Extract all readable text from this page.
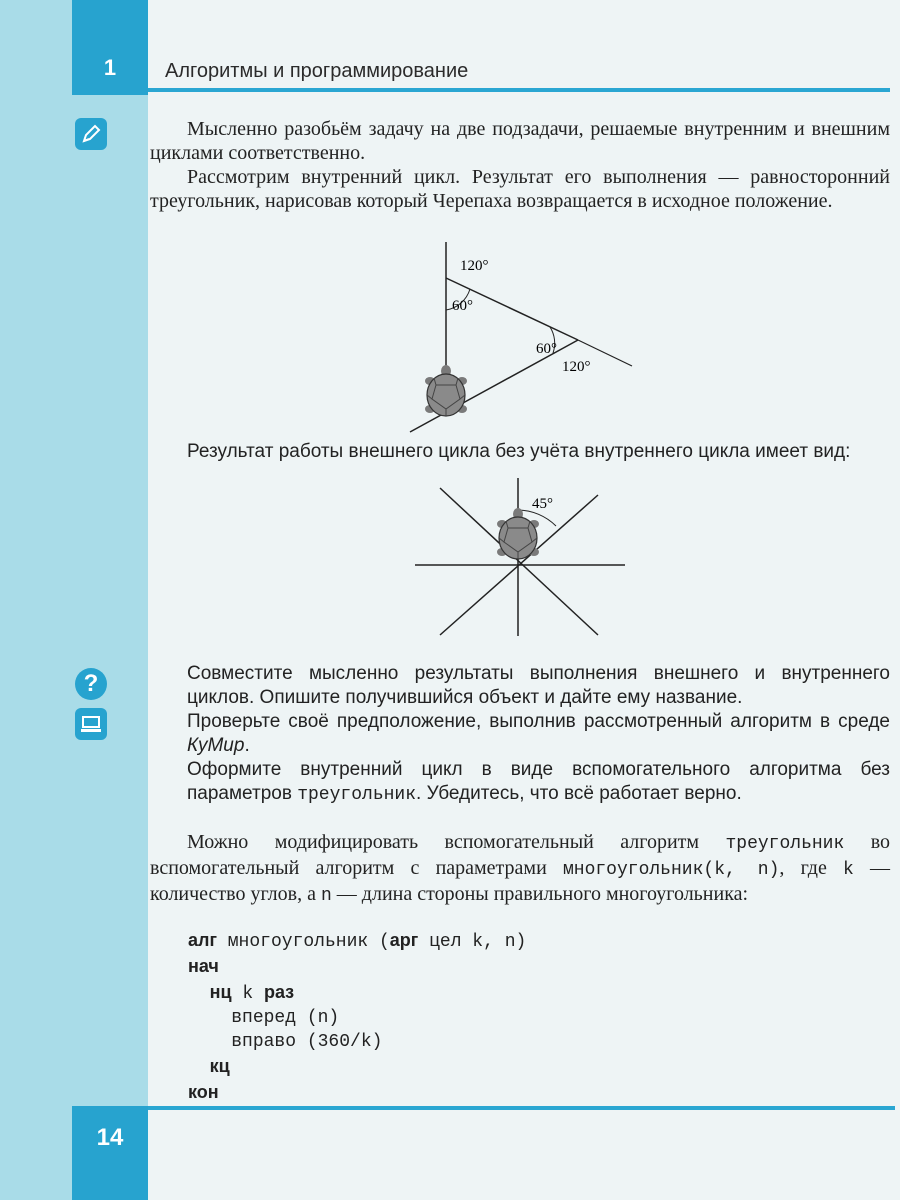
1	Алгоритмы и программирование
?

Мысленно разобьём задачу на две подзадачи, решаемые внутренним и внешним циклами соответственно.

Рассмотрим внутренний цикл. Результат его выполнения — равносторонний треугольник, нарисовав который Черепаха возвращается в исходное положение.

120°
60°
60°
120°

Результат работы внешнего цикла без учёта внутреннего цикла имеет вид:

45°

Совместите мысленно результаты выполнения внешнего и внутреннего циклов. Опишите получившийся объект и дайте ему название.

Проверьте своё предположение, выполнив рассмотренный алгоритм в среде КуМир.

Оформите внутренний цикл в виде вспомогательного алгоритма без параметров треугольник. Убедитесь, что всё работает верно.

Можно модифицировать вспомогательный алгоритм треугольник во вспомогательный алгоритм с параметрами многоугольник(k, n), где k — количество углов, а n — длина стороны правильного многоугольника:

алг многоугольник (арг цел k, n)
нач
нц k раз
вперед (n)
вправо (360/k)
кц
кон
14
